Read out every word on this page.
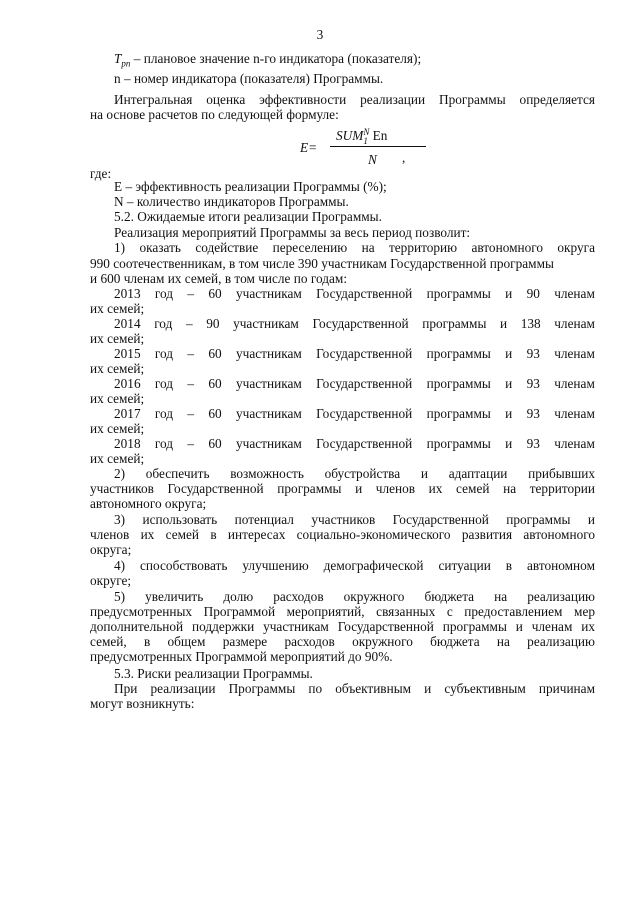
3
$T_{pn}$ – плановое значение n-го индикатора (показателя);
n – номер индикатора (показателя) Программы.
Интегральная оценка эффективности реализации Программы определяется
на основе расчетов по следующей формуле:
E=
SUM N
1 En
N ,
где:
E – эффективность реализации Программы (%);
N – количество индикаторов Программы.
5.2. Ожидаемые итоги реализации Программы.
Реализация мероприятий Программы за весь период позволит:
1) оказать содействие переселению на территорию автономного округа
990 соотечественникам, в том числе 390 участникам Государственной программы
и 600 членам их семей, в том числе по годам:
2013 год – 60 участникам Государственной программы и 90 членам
их семей;
2014 год – 90 участникам Государственной программы и 138 членам
их семей;
2015 год – 60 участникам Государственной программы и 93 членам
их семей;
2016 год – 60 участникам Государственной программы и 93 членам
их семей;
2017 год – 60 участникам Государственной программы и 93 членам
их семей;
2018 год – 60 участникам Государственной программы и 93 членам
их семей;
2) обеспечить возможность обустройства и адаптации прибывших
участников Государственной программы и членов их семей на территории
автономного округа;
3) использовать потенциал участников Государственной программы и
членов их семей в интересах социально-экономического развития автономного
округа;
4) способствовать улучшению демографической ситуации в автономном
округе;
5) увеличить долю расходов окружного бюджета на реализацию
предусмотренных Программой мероприятий, связанных с предоставлением мер
дополнительной поддержки участникам Государственной программы и членам их
семей, в общем размере расходов окружного бюджета на реализацию
предусмотренных Программой мероприятий до 90%.
5.3. Риски реализации Программы.
При реализации Программы по объективным и субъективным причинам
могут возникнуть:
